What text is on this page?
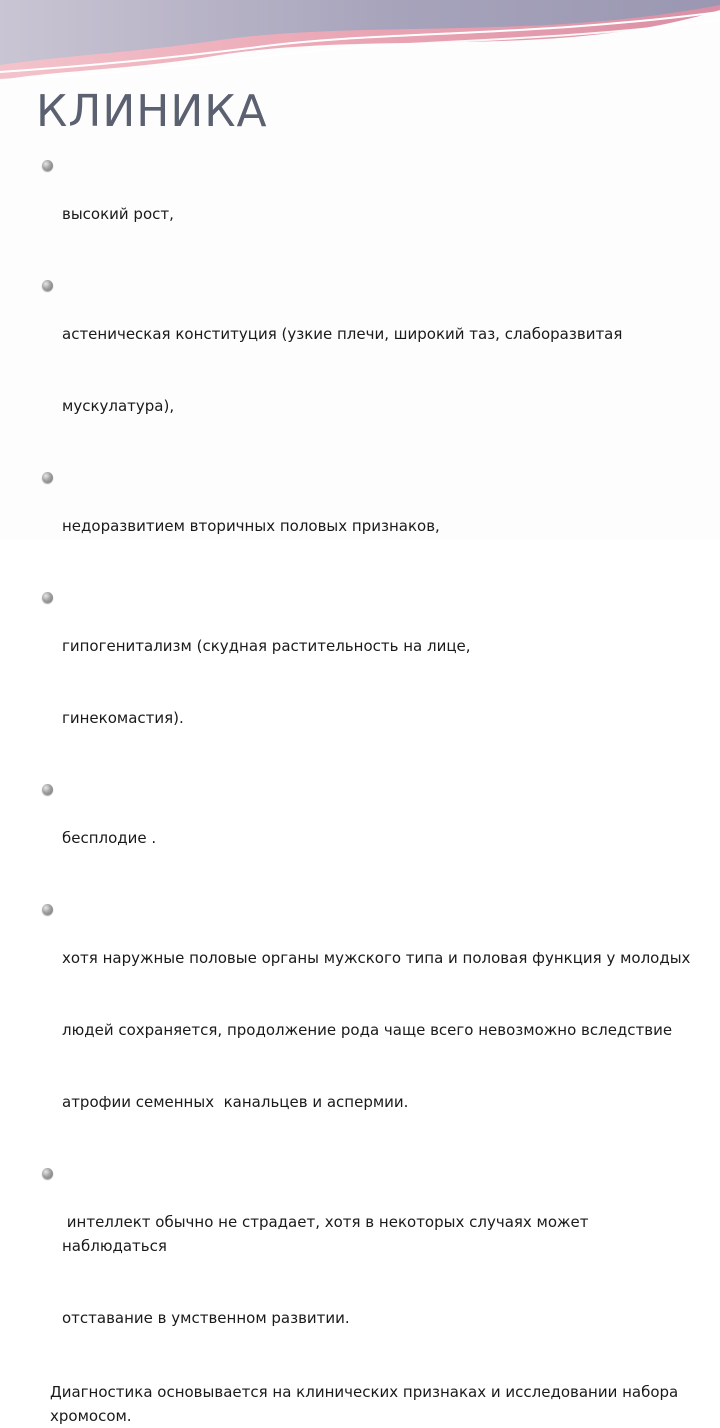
КЛИНИКА

высокий рост,

астеническая конституция (узкие плечи, широкий таз, слаборазвитая

мускулатура),

недоразвитием вторичных половых признаков,

гипогенитализм (скудная растительность на лице,

гинекомастия).

бесплодие .

хотя наружные половые органы мужского типа и половая функция у молодых

людей сохраняется, продолжение рода чаще всего невозможно вследствие

атрофии семенных  канальцев и аспермии.

интеллект обычно не страдает, хотя в некоторых случаях может наблюдаться

отставание в умственном развитии.

Диагностика основывается на клинических признаках и исследовании набора
хромосом.
